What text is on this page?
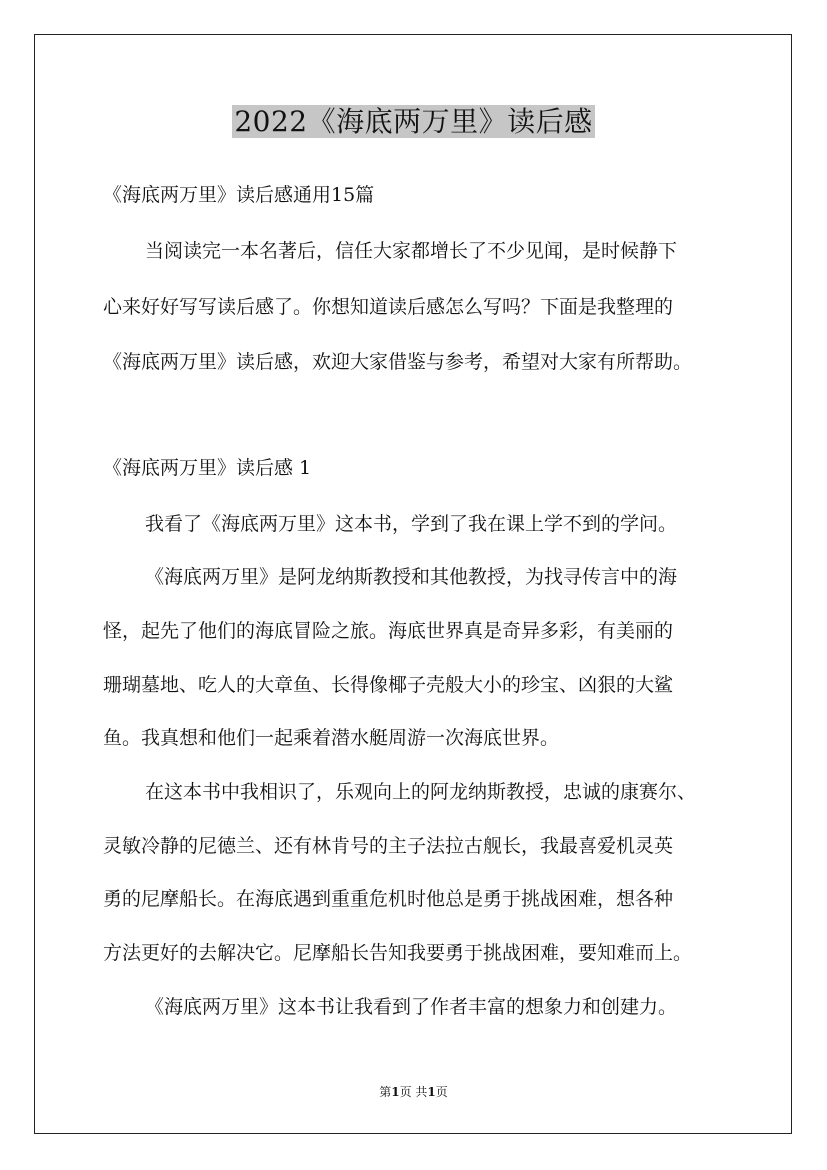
2022《海底两万里》读后感
《海底两万里》读后感通用15篇
当阅读完一本名著后，信任大家都增长了不少见闻，是时候静下
心来好好写写读后感了。你想知道读后感怎么写吗？下面是我整理的
《海底两万里》读后感，欢迎大家借鉴与参考，希望对大家有所帮助。
《海底两万里》读后感 1
我看了《海底两万里》这本书，学到了我在课上学不到的学问。
《海底两万里》是阿龙纳斯教授和其他教授，为找寻传言中的海
怪，起先了他们的海底冒险之旅。海底世界真是奇异多彩，有美丽的
珊瑚墓地、吃人的大章鱼、长得像椰子壳般大小的珍宝、凶狠的大鲨
鱼。我真想和他们一起乘着潜水艇周游一次海底世界。
在这本书中我相识了，乐观向上的阿龙纳斯教授，忠诚的康赛尔、
灵敏冷静的尼德兰、还有林肯号的主子法拉古舰长，我最喜爱机灵英
勇的尼摩船长。在海底遇到重重危机时他总是勇于挑战困难，想各种
方法更好的去解决它。尼摩船长告知我要勇于挑战困难，要知难而上。
《海底两万里》这本书让我看到了作者丰富的想象力和创建力。
第1页 共1页
